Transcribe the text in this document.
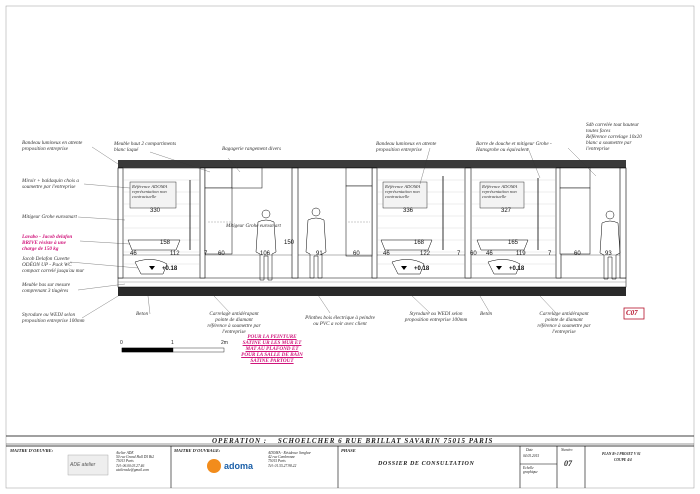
Bandeau lumineux en attente
proposition entreprise
Miroir + baldaquin chois a
soumettre par l'entreprise
Mitigeur Grohe eurosmart
Lavabo - Jacob delafon
BRIVE rèsiste à une
charge de 150 kg
Jacob Delafon Cuvette
ODÉON UP - Pack WC
compact carrelé jusqu'au mur
Meuble bas sur mesure
comprenant 3 tiugères
Styrodure ou WEDI selon
proposition entreprise 100mm
Meuble haut 2 compartiments
blanc laqué	Bagagerie rangement divers
Bandeau lumineux en attente
proposition entreprise
Barre de douche et mitigeur Grohe -
Hansgrohe ou équivalent
Sdb carrelée tout hauteur
toutes faces
Référence carrelage 10x20
blanc a soumettre par
l'entreprise
Référence ADOMA
représentation non
contractuelle
Référence ADOMA
représentation non
contractuelle
Référence ADOMA
représentation non
contractuelle
Mitigeur Grohe eurosmart
Beton	Carrelage antidérapant
pointe de diamant
référence à soumettre par
l'entreprise
Plinthes bois électrique à peindre
ou PVC a voir avec client
Styrodure ou WEDI selon
proposition entreprise 100mm
Beton	Carrelage antidérapant
pointe de diamant
référence à soumettre par
l'entreprise
POUR LA PEINTURE
SATINE UR LES MUR ET
MAT AU PLAFOND ET
POUR LA SALLE DE BAIN
SATINE PARTOUT
C07
330	336	327
158	168	165
46	112	7 60	106
150
91	60	46	122	7 60 46	119	7	60	93
+0.18	+0.18	+0.18
0	1	2m
OPERATION : SCHOELCHER 6 RUE BRILLAT SAVARIN 75015 PARIS
MAITRE D'OEUVRE:	Atelier ADE
50 rue Grand Hall D5 Bt2
75013 Paris
Tél: 06.00.03.27.46
atelierade@gmail.com
ADE atelier
MAITRE D'OUVRAGE:
adoma
ADOMA - Résidence Senghor
42 rue Cambronne
75015 Paris
Tél: 01.55.27.98.22
PHASE
DOSSIER DE CONSULTATION
Date
04.05.2015
Echelle
graphique
Numéro
07
PLAN R+2 PROJET V 01
COUPE 4/4
